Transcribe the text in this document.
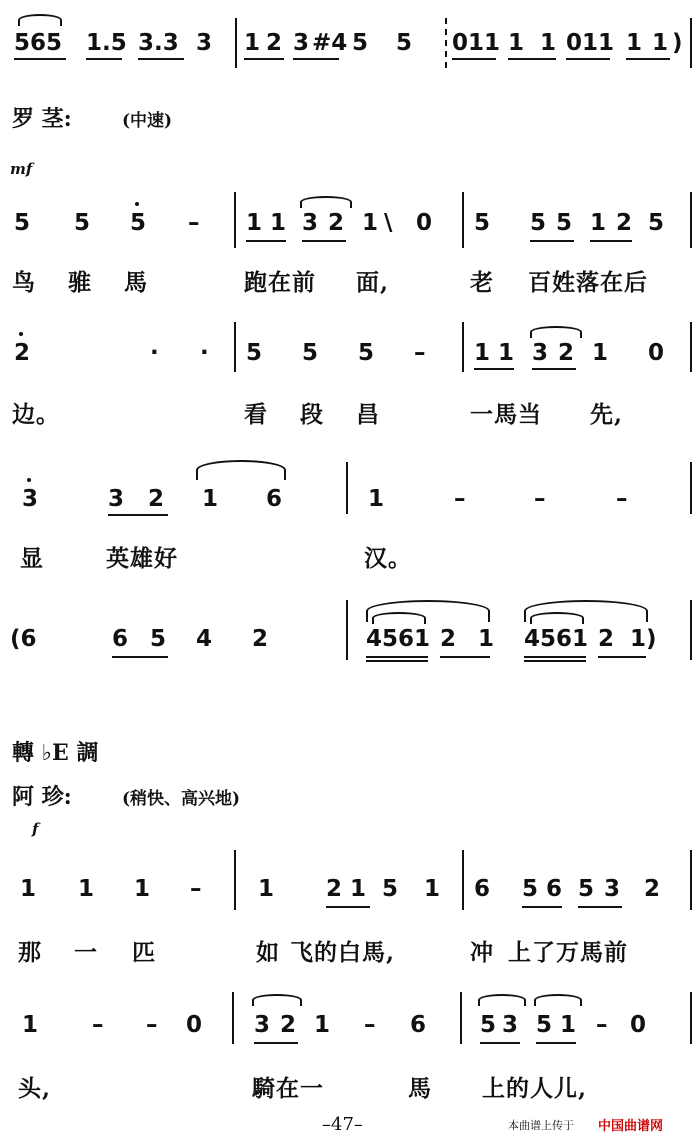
565 1.5 3.3 3 1 2 3 #4 5 5 0 11 1 1 0 11 1 1 )
罗 茎:	(中速)
mf
5 5 5 – 1 1 3 2 1 \ 0 5 5 5 1 2 5
鸟 骓 馬	跑在前 面,	老 百姓落在后
2	· · 5 5 5 – 1 1 3 2 1 0
边。	看 段 昌	一馬当 先,
3	3 2 1 6	1	–	–	–
显	英雄好	汉。
(6	6 5 4 2	4561 2 1 4561 2 1)
轉 ♭E 調
阿 珍:	(稍快、高兴地)
f
1 1 1 – 1 2 1 5 1 6 5 6 5 3 2
那 一 匹	如 飞的白馬,	冲 上了万馬前
1 – – 0 3 2 1 – 6 5 3 5 1 – 0
头,	騎在一	馬 上的人儿,
–47–	本曲谱上传于 中国曲谱网
